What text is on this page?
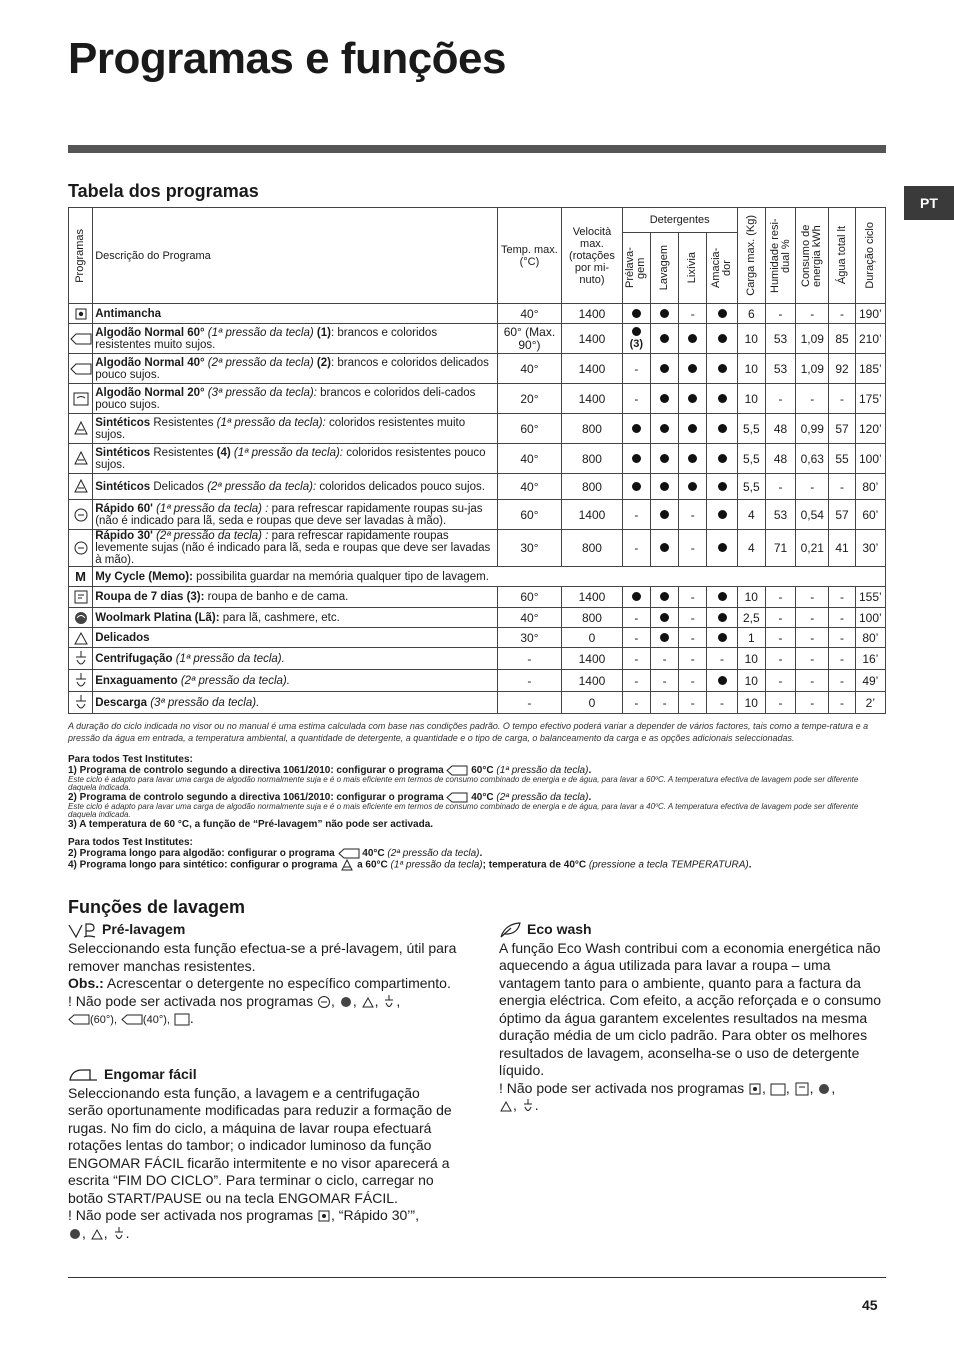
Programas e funções
PT
Tabela dos programas
Programas	Descrição do Programa	Temp. max. (°C)	Velocità max. (rotações por mi-nuto)	Detergentes				Carga max. (Kg)	Humidade resi-dual %	Consumo de energia kWh	Água total lt	Duração ciclo

				Prélava-gem	Lavagem	Lixívia	Amacia-dor					

	Antimancha	40°	1400			-		6	-	-	-	190’

	Algodão Normal 60° (1ª pressão da tecla) (1): brancos e coloridos resistentes muito sujos.	60° (Max. 90°)	1400	(3)				10	53	1,09	85	210’

	Algodão Normal 40° (2ª pressão da tecla) (2): brancos e coloridos delicados pouco sujos.	40°	1400	-				10	53	1,09	92	185’

	Algodão Normal 20° (3ª pressão da tecla): brancos e coloridos deli-cados pouco sujos.	20°	1400	-				10	-	-	-	175’

	Sintéticos Resistentes (1ª pressão da tecla): coloridos resistentes muito sujos.	60°	800					5,5	48	0,99	57	120’

	Sintéticos Resistentes (4) (1ª pressão da tecla): coloridos resistentes pouco sujos.	40°	800					5,5	48	0,63	55	100’

	Sintéticos Delicados (2ª pressão da tecla): coloridos delicados pouco sujos.	40°	800					5,5	-	-	-	80’

	Rápido 60' (1ª pressão da tecla) : para refrescar rapidamente roupas su-jas (não é indicado para lã, seda e roupas que deve ser lavadas à mão).	60°	1400	-		-		4	53	0,54	57	60’

	Rápido 30' (2ª pressão da tecla) : para refrescar rapidamente roupas levemente sujas (não é indicado para lã, seda e roupas que deve ser lavadas à mão).	30°	800	-		-		4	71	0,21	41	30’
M	My Cycle (Memo): possibilita guardar na memória qualquer tipo de lavagem.											

	Roupa de 7 dias (3): roupa de banho e de cama.	60°	1400			-		10	-	-	-	155’

	Woolmark Platina (Lã): para lã, cashmere, etc.	40°	800	-		-		2,5	-	-	-	100’

	Delicados	30°	0	-		-		1	-	-	-	80’

	Centrifugação (1ª pressão da tecla).	-	1400	-	-	-	-	10	-	-	-	16’

	Enxaguamento (2ª pressão da tecla).	-	1400	-	-	-		10	-	-	-	49’

	Descarga (3ª pressão da tecla).	-	0	-	-	-	-	10	-	-	-	2’
A duração do ciclo indicada no visor ou no manual é uma estima calculada com base nas condições padrão. O tempo efectivo poderá variar a depender de vários factores, tais como a tempe-ratura e a pressão da água em entrada, a temperatura ambiental, a quantidade de detergente, a quantidade e o tipo de carga, o balanceamento da carga e as opções adicionais seleccionadas.
Para todos Test Institutes:
1) Programa de controlo segundo a directiva 1061/2010: configurar o programa	60°C (1ª pressão da tecla).
Este ciclo é adapto para lavar uma carga de algodão normalmente suja e é o mais eficiente em termos de consumo combinado de energia e de água, para lavar a 60ºC. A temperatura efectiva de lavagem pode ser diferente daquela indicada.
2) Programa de controlo segundo a directiva 1061/2010: configurar o programa	40°C (2ª pressão da tecla).
Este ciclo é adapto para lavar uma carga de algodão normalmente suja e é o mais eficiente em termos de consumo combinado de energia e de água, para lavar a 40ºC. A temperatura efectiva de lavagem pode ser diferente daquela indicada.
3) A temperatura de 60 °C, a função de “Pré-lavagem” não pode ser activada.
Para todos Test Institutes:
2) Programa longo para algodão: configurar o programa	40°C (2ª pressão da tecla).
4) Programa longo para sintético: configurar o programa a 60°C (1ª pressão da tecla); temperatura de 40°C (pressione a tecla TEMPERATURA).
Funções de lavagem
Pré-lavagem

Seleccionando esta função efectua-se a pré-lavagem, útil para remover manchas resistentes.

Obs.: Acrescentar o detergente no específico compartimento.

! Não pode ser activada nos programas , , , ,
(60°), (40°), .

Engomar fácil

Seleccionando esta função, a lavagem e a centrifugação serão oportunamente modificadas para reduzir a formação de rugas. No fim do ciclo, a máquina de lavar roupa efectuará rotações lentas do tambor; o indicador luminoso da função ENGOMAR FÁCIL ficarão intermitente e no visor aparecerá a escrita “FIM DO CICLO”. Para terminar o ciclo, carregar no botão START/PAUSE ou na tecla ENGOMAR FÁCIL.

! Não pode ser activada nos programas , “Rápido 30’”,
, , .

Eco wash

A função Eco Wash contribui com a economia energética não aquecendo a água utilizada para lavar a roupa – uma vantagem tanto para o ambiente, quanto para a factura da energia eléctrica. Com efeito, a acção reforçada e o consumo óptimo da água garantem excelentes resultados na mesma duração média de um ciclo padrão. Para obter os melhores resultados de lavagem, aconselha-se o uso de detergente líquido.

! Não pode ser activada nos programas , , , ,
, .

45
